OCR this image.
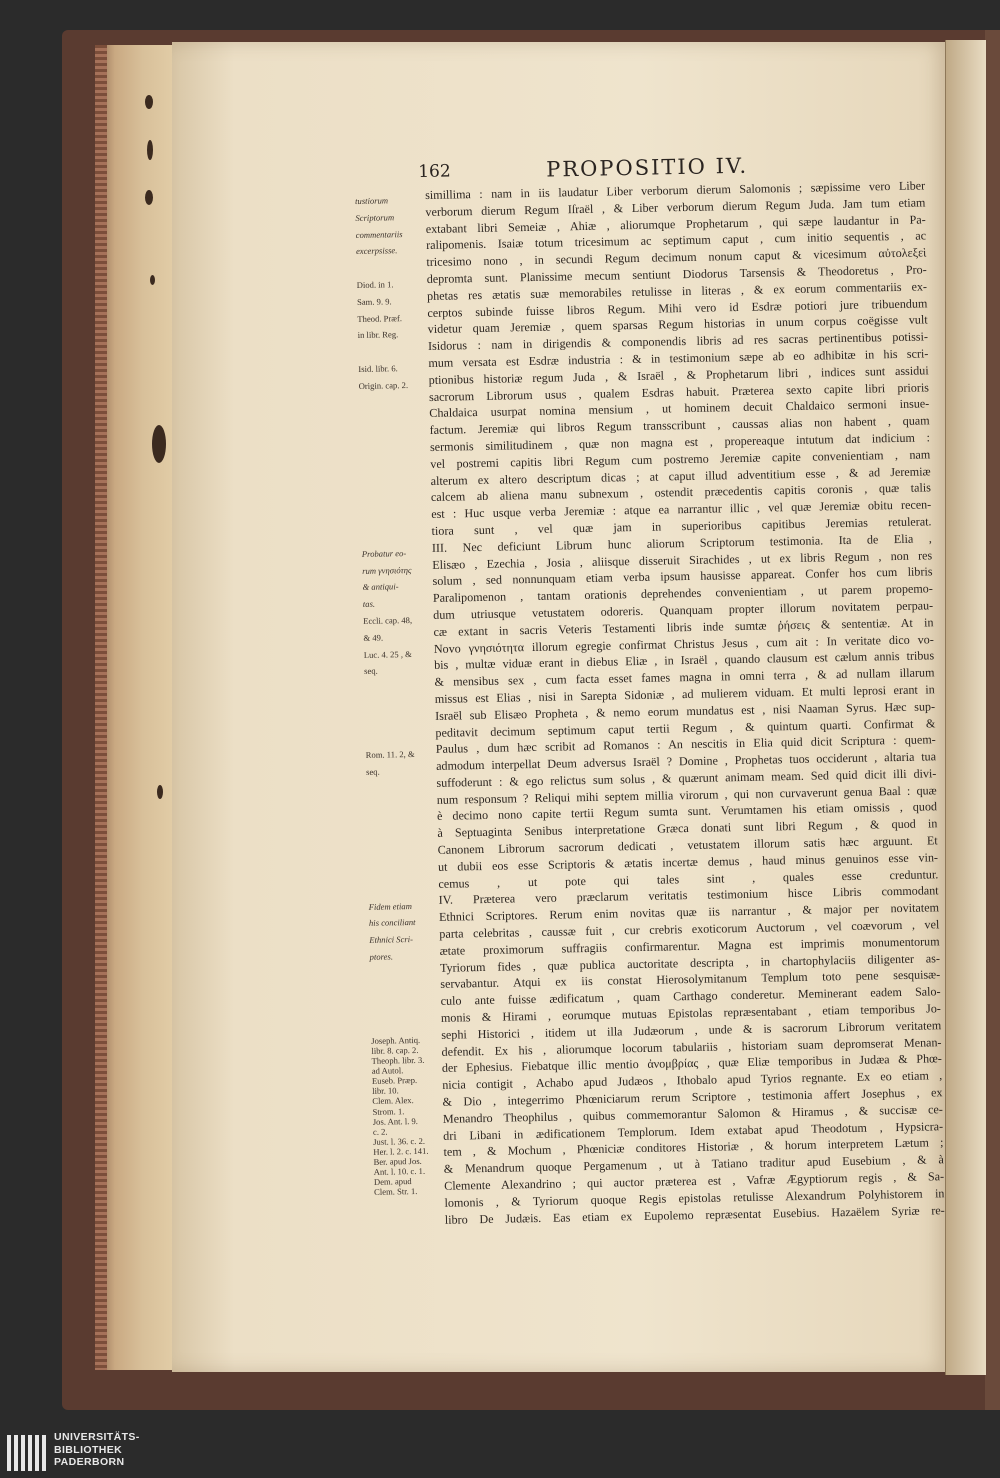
162	PROPOSITIO IV.
simillima : nam in iis laudatur Liber verborum dierum Salomonis ; sæpissime vero Liber
verborum dierum Regum Iſraël , & Liber verborum dierum Regum Juda. Jam tum etiam
extabant libri Semeiæ , Ahiæ , aliorumque Prophetarum , qui sæpe laudantur in Pa-
ralipomenis. Isaiæ totum tricesimum ac septimum caput , cum initio sequentis , ac
tricesimo nono , in secundi Regum decimum nonum caput & vicesimum αὐτολεξεὶ
depromta sunt. Planissime mecum sentiunt Diodorus Tarsensis & Theodoretus , Pro-
phetas res ætatis suæ memorabiles retulisse in literas , & ex eorum commentariis ex-
cerptos subinde fuisse libros Regum. Mihi vero id Esdræ potiori jure tribuendum
videtur quam Jeremiæ , quem sparsas Regum historias in unum corpus coëgisse vult
Isidorus : nam in dirigendis & componendis libris ad res sacras pertinentibus potissi-
mum versata est Esdræ industria : & in testimonium sæpe ab eo adhibitæ in his scri-
ptionibus historiæ regum Juda , & Israël , & Prophetarum libri , indices sunt assidui
sacrorum Librorum usus , qualem Esdras habuit. Præterea sexto capite libri prioris
Chaldaica usurpat nomina mensium , ut hominem decuit Chaldaico sermoni insue-
factum. Jeremiæ qui libros Regum transscribunt , caussas alias non habent , quam
sermonis similitudinem , quæ non magna est , propereaque intutum dat indicium :
vel postremi capitis libri Regum cum postremo Jeremiæ capite convenientiam , nam
alterum ex altero descriptum dicas ; at caput illud adventitium esse , & ad Jeremiæ
calcem ab aliena manu subnexum , ostendit præcedentis capitis coronis , quæ talis
est : Huc usque verba Jeremiæ : atque ea narrantur illic , vel quæ Jeremiæ obitu recen-
tiora sunt , vel quæ jam in superioribus capitibus Jeremias retulerat.
III. Nec deficiunt Librum hunc aliorum Scriptorum testimonia. Ita de Elia ,
Elisæo , Ezechia , Josia , aliisque disseruit Sirachides , ut ex libris Regum , non res
solum , sed nonnunquam etiam verba ipsum hausisse appareat. Confer hos cum libris
Paralipomenon , tantam orationis deprehendes convenientiam , ut parem propemo-
dum utriusque vetustatem odoreris. Quanquam propter illorum novitatem perpau-
cæ extant in sacris Veteris Testamenti libris inde sumtæ ῥήσεις & sententiæ. At in
Novo γνησιότητα illorum egregie confirmat Christus Jesus , cum ait : In veritate dico vo-
bis , multæ viduæ erant in diebus Eliæ , in Israël , quando clausum est cælum annis tribus
& mensibus sex , cum facta esset fames magna in omni terra , & ad nullam illarum
missus est Elias , nisi in Sarepta Sidoniæ , ad mulierem viduam. Et multi leprosi erant in
Israël sub Elisæo Propheta , & nemo eorum mundatus est , nisi Naaman Syrus. Hæc sup-
peditavit decimum septimum caput tertii Regum , & quintum quarti. Confirmat &
Paulus , dum hæc scribit ad Romanos : An nescitis in Elia quid dicit Scriptura : quem-
admodum interpellat Deum adversus Israël ? Domine , Prophetas tuos occiderunt , altaria tua
suffoderunt : & ego relictus sum solus , & quærunt animam meam. Sed quid dicit illi divi-
num responsum ? Reliqui mihi septem millia virorum , qui non curvaverunt genua Baal : quæ
è decimo nono capite tertii Regum sumta sunt. Verumtamen his etiam omissis , quod
à Septuaginta Senibus interpretatione Græca donati sunt libri Regum , & quod in
Canonem Librorum sacrorum dedicati , vetustatem illorum satis hæc arguunt. Et
ut dubii eos esse Scriptoris & ætatis incertæ demus , haud minus genuinos esse vin-
cemus , ut pote qui tales sint , quales esse creduntur.
IV. Præterea vero præclarum veritatis testimonium hisce Libris commodant
Ethnici Scriptores. Rerum enim novitas quæ iis narrantur , & major per novitatem
parta celebritas , caussæ fuit , cur crebris exoticorum Auctorum , vel coævorum , vel
ætate proximorum suffragiis confirmarentur. Magna est imprimis monumentorum
Tyriorum fides , quæ publica auctoritate descripta , in chartophylaciis diligenter as-
servabantur. Atqui ex iis constat Hierosolymitanum Templum toto pene sesquisæ-
culo ante fuisse ædificatum , quam Carthago conderetur. Meminerant eadem Salo-
monis & Hirami , eorumque mutuas Epistolas repræsentabant , etiam temporibus Jo-
sephi Historici , itidem ut illa Judæorum , unde & is sacrorum Librorum veritatem
defendit. Ex his , aliorumque locorum tabulariis , historiam suam depromserat Menan-
der Ephesius. Fiebatque illic mentio ἀνομβρίας , quæ Eliæ temporibus in Judæa & Phœ-
nicia contigit , Achabo apud Judæos , Ithobalo apud Tyrios regnante. Ex eo etiam ,
& Dio , integerrimo Phœniciarum rerum Scriptore , testimonia affert Josephus , ex
Menandro Theophilus , quibus commemorantur Salomon & Hiramus , & succisæ ce-
dri Libani in ædificationem Templorum. Idem extabat apud Theodotum , Hypsicra-
tem , & Mochum , Phœniciæ conditores Historiæ , & horum interpretem Lætum ;
& Menandrum quoque Pergamenum , ut à Tatiano traditur apud Eusebium , & à
Clemente Alexandrino ; qui auctor præterea est , Vafræ Ægyptiorum regis , & Sa-
lomonis , & Tyriorum quoque Regis epistolas retulisse Alexandrum Polyhistorem in
libro De Judæis. Eas etiam ex Eupolemo repræsentat Eusebius. Hazaëlem Syriæ re-
tustiorum
Scriptorum
commentariis
excerpsisse.
Diod. in 1.
Sam. 9. 9.
Theod. Præf.
in libr. Reg.
Isid. libr. 6.
Origin. cap. 2.
Probatur eo-
rum γνησιότης
& antiqui-
tas.
Eccli. cap. 48,
& 49.
Luc. 4. 25 , &
seq.
Rom. 11. 2, &
seq.
Fidem etiam
his conciliant
Ethnici Scri-
ptores.
Joseph. Antiq.
libr. 8. cap. 2.
Theoph. libr. 3.
ad Autol.
Euseb. Præp.
libr. 10.
Clem. Alex.
Strom. 1.
Jos. Ant. l. 9.
c. 2.
Just. l. 36. c. 2.
Her. l. 2. c. 141.
Ber. apud Jos.
Ant. l. 10. c. 1.
Dem. apud
Clem. Str. 1.
UNIVERSITÄTS-
BIBLIOTHEK
PADERBORN
